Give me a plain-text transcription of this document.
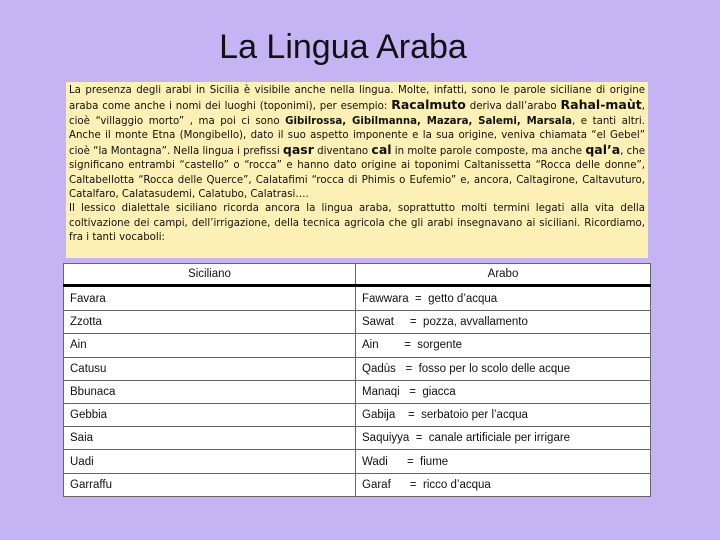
La Lingua Araba

La presenza degli arabi in Sicilia è visibile anche nella lingua. Molte, infatti, sono le parole siciliane di origine araba come anche i nomi dei luoghi (toponimi), per esempio: Racalmuto deriva dall’arabo Rahal-maùt, cioè “villaggio morto” , ma poi ci sono Gibilrossa, Gibilmanna, Mazara, Salemi, Marsala, e tanti altri. Anche il monte Etna (Mongibello), dato il suo aspetto imponente e la sua origine, veniva chiamata “el Gebel” cioè “la Montagna”. Nella lingua i prefissi qasr diventano cal in molte parole composte, ma anche qal’a, che significano entrambi “castello” o “rocca” e hanno dato origine ai toponimi Caltanissetta “Rocca delle donne”, Caltabellotta “Rocca delle Querce”, Calatafimi “rocca di Phimis o Eufemio” e, ancora, Caltagirone, Caltavuturo, Catalfaro, Calatasudemi, Calatubo, Calatrasi….

Il lessico dialettale siciliano ricorda ancora la lingua araba, soprattutto molti termini legati alla vita della coltivazione dei campi, dell’irrigazione, della tecnica agricola che gli arabi insegnavano ai siciliani. Ricordiamo, fra i tanti vocaboli:

Siciliano	Arabo
Favara	Fawwara  =  getto d’acqua
Zzotta	Sawat     =  pozza, avvallamento
Ain	Ain        =  sorgente
Catusu	Qadùs   =  fosso per lo scolo delle acque
Bbunaca	Manaqi   =  giacca
Gebbia	Gabija    =  serbatoio per l’acqua
Saia	Saquiyya  =  canale artificiale per irrigare
Uadi	Wadi      =  fiume
Garraffu	Garaf      =  ricco d’acqua
